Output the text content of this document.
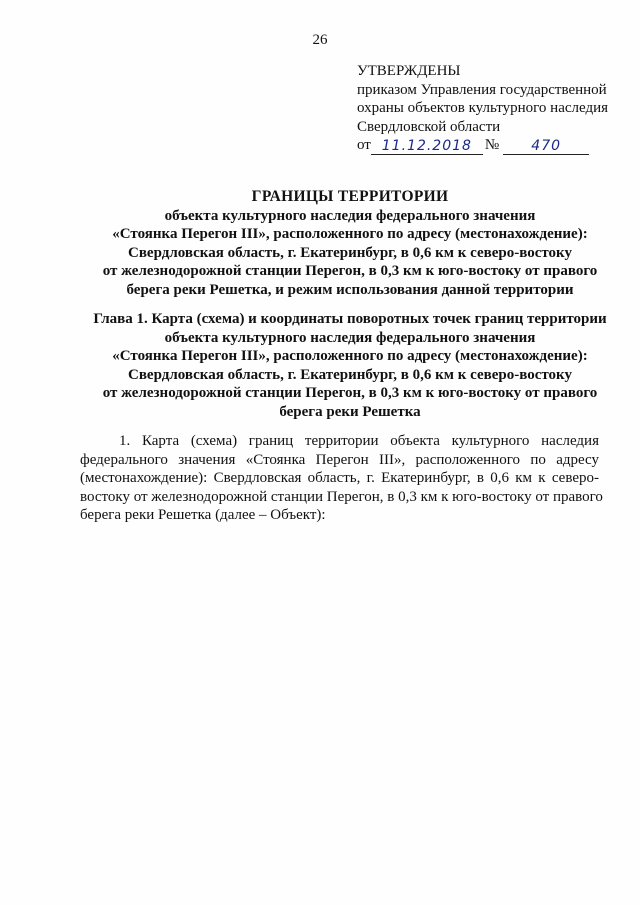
26
УТВЕРЖДЕНЫ
приказом Управления государственной
охраны объектов культурного наследия
Свердловской области
от 11.12.2018 №	470
ГРАНИЦЫ ТЕРРИТОРИИ
объекта культурного наследия федерального значения
«Стоянка Перегон III», расположенного по адресу (местонахождение):
Свердловская область, г. Екатеринбург, в 0,6 км к северо-востоку
от железнодорожной станции Перегон, в 0,3 км к юго-востоку от правого
берега реки Решетка, и режим использования данной территории
Глава 1. Карта (схема) и координаты поворотных точек границ территории
объекта культурного наследия федерального значения
«Стоянка Перегон III», расположенного по адресу (местонахождение):
Свердловская область, г. Екатеринбург, в 0,6 км к северо-востоку
от железнодорожной станции Перегон, в 0,3 км к юго-востоку от правого
берега реки Решетка
1. Карта (схема) границ территории объекта культурного наследия
федерального значения «Стоянка Перегон III», расположенного по адресу
(местонахождение): Свердловская область, г. Екатеринбург, в 0,6 км к северо-
востоку от железнодорожной станции Перегон, в 0,3 км к юго-востоку от правого
берега реки Решетка (далее – Объект):
